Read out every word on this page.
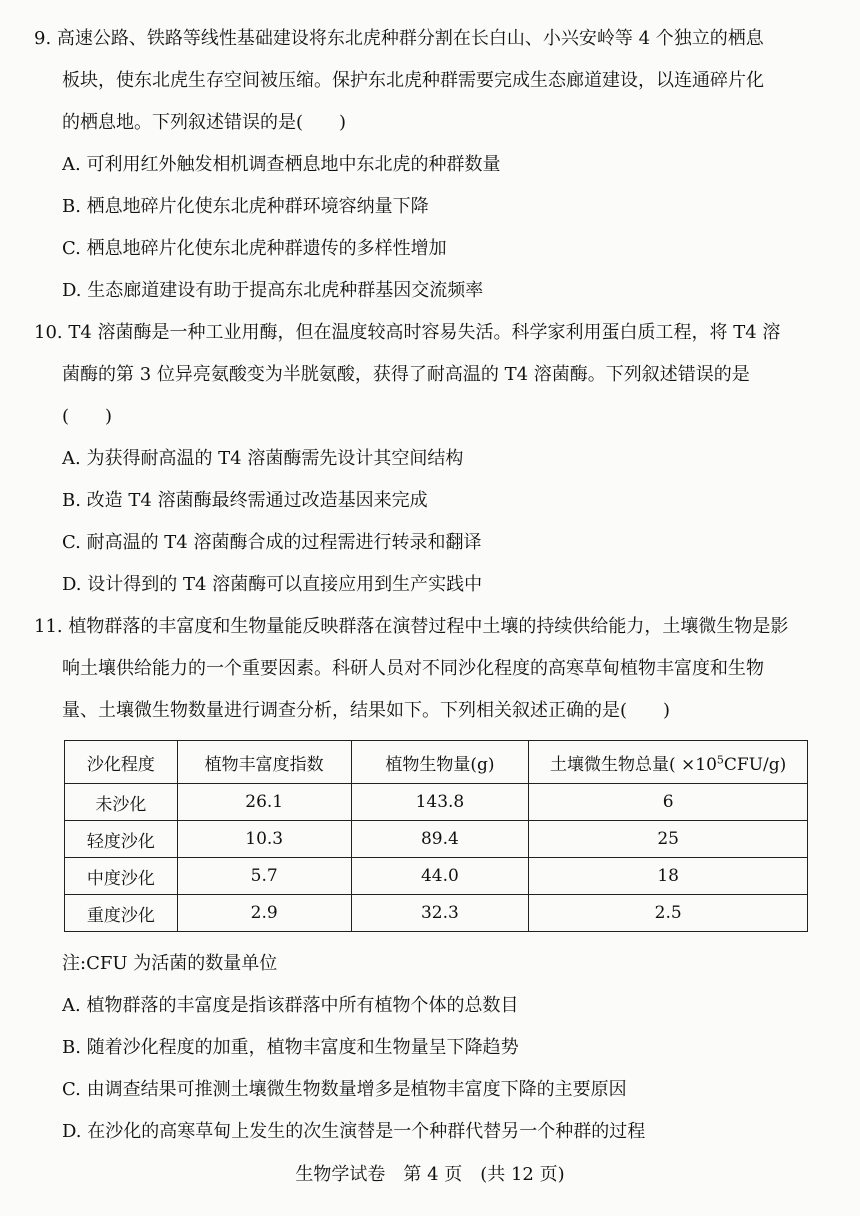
9. 高速公路、铁路等线性基础建设将东北虎种群分割在长白山、小兴安岭等 4 个独立的栖息
板块，使东北虎生存空间被压缩。保护东北虎种群需要完成生态廊道建设，以连通碎片化
的栖息地。下列叙述错误的是(　　)
A. 可利用红外触发相机调查栖息地中东北虎的种群数量
B. 栖息地碎片化使东北虎种群环境容纳量下降
C. 栖息地碎片化使东北虎种群遗传的多样性增加
D. 生态廊道建设有助于提高东北虎种群基因交流频率
10. T4 溶菌酶是一种工业用酶，但在温度较高时容易失活。科学家利用蛋白质工程，将 T4 溶
菌酶的第 3 位异亮氨酸变为半胱氨酸，获得了耐高温的 T4 溶菌酶。下列叙述错误的是
(　　)
A. 为获得耐高温的 T4 溶菌酶需先设计其空间结构
B. 改造 T4 溶菌酶最终需通过改造基因来完成
C. 耐高温的 T4 溶菌酶合成的过程需进行转录和翻译
D. 设计得到的 T4 溶菌酶可以直接应用到生产实践中
11. 植物群落的丰富度和生物量能反映群落在演替过程中土壤的持续供给能力，土壤微生物是影
响土壤供给能力的一个重要因素。科研人员对不同沙化程度的高寒草甸植物丰富度和生物
量、土壤微生物数量进行调查分析，结果如下。下列相关叙述正确的是(　　)
沙化程度	植物丰富度指数	植物生物量(g)	土壤微生物总量( $\times 10^5CFU/g$)
未沙化	26.1	143.8	6
轻度沙化	10.3	89.4	25
中度沙化	5.7	44.0	18
重度沙化	2.9	32.3	2.5
注:CFU 为活菌的数量单位
A. 植物群落的丰富度是指该群落中所有植物个体的总数目
B. 随着沙化程度的加重，植物丰富度和生物量呈下降趋势
C. 由调查结果可推测土壤微生物数量增多是植物丰富度下降的主要原因
D. 在沙化的高寒草甸上发生的次生演替是一个种群代替另一个种群的过程
生物学试卷　第 4 页　(共 12 页)
